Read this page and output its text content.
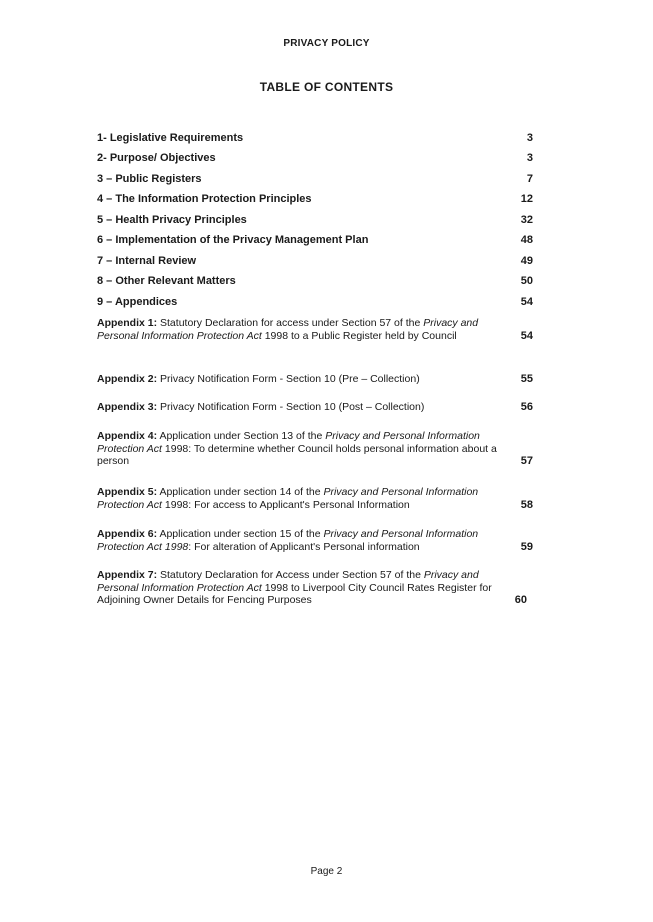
PRIVACY POLICY
TABLE OF CONTENTS
1- Legislative Requirements	3
2- Purpose/ Objectives	3
3 – Public Registers	7
4 – The Information Protection Principles	12
5 – Health Privacy Principles	32
6 – Implementation of the Privacy Management Plan	48
7 – Internal Review	49
8 – Other Relevant Matters	50
9 – Appendices	54
Appendix 1: Statutory Declaration for access under Section 57 of the Privacy and Personal Information Protection Act 1998 to a Public Register held by Council	54
Appendix 2: Privacy Notification Form - Section 10 (Pre – Collection)	55
Appendix 3: Privacy Notification Form - Section 10 (Post – Collection)	56
Appendix 4: Application under Section 13 of the Privacy and Personal Information Protection Act 1998: To determine whether Council holds personal information about a person	57
Appendix 5: Application under section 14 of the Privacy and Personal Information Protection Act 1998: For access to Applicant's Personal Information	58
Appendix 6: Application under section 15 of the Privacy and Personal Information Protection Act 1998: For alteration of Applicant's Personal information	59
Appendix 7: Statutory Declaration for Access under Section 57 of the Privacy and Personal Information Protection Act 1998 to Liverpool City Council Rates Register for Adjoining Owner Details for Fencing Purposes	60
Page 2
